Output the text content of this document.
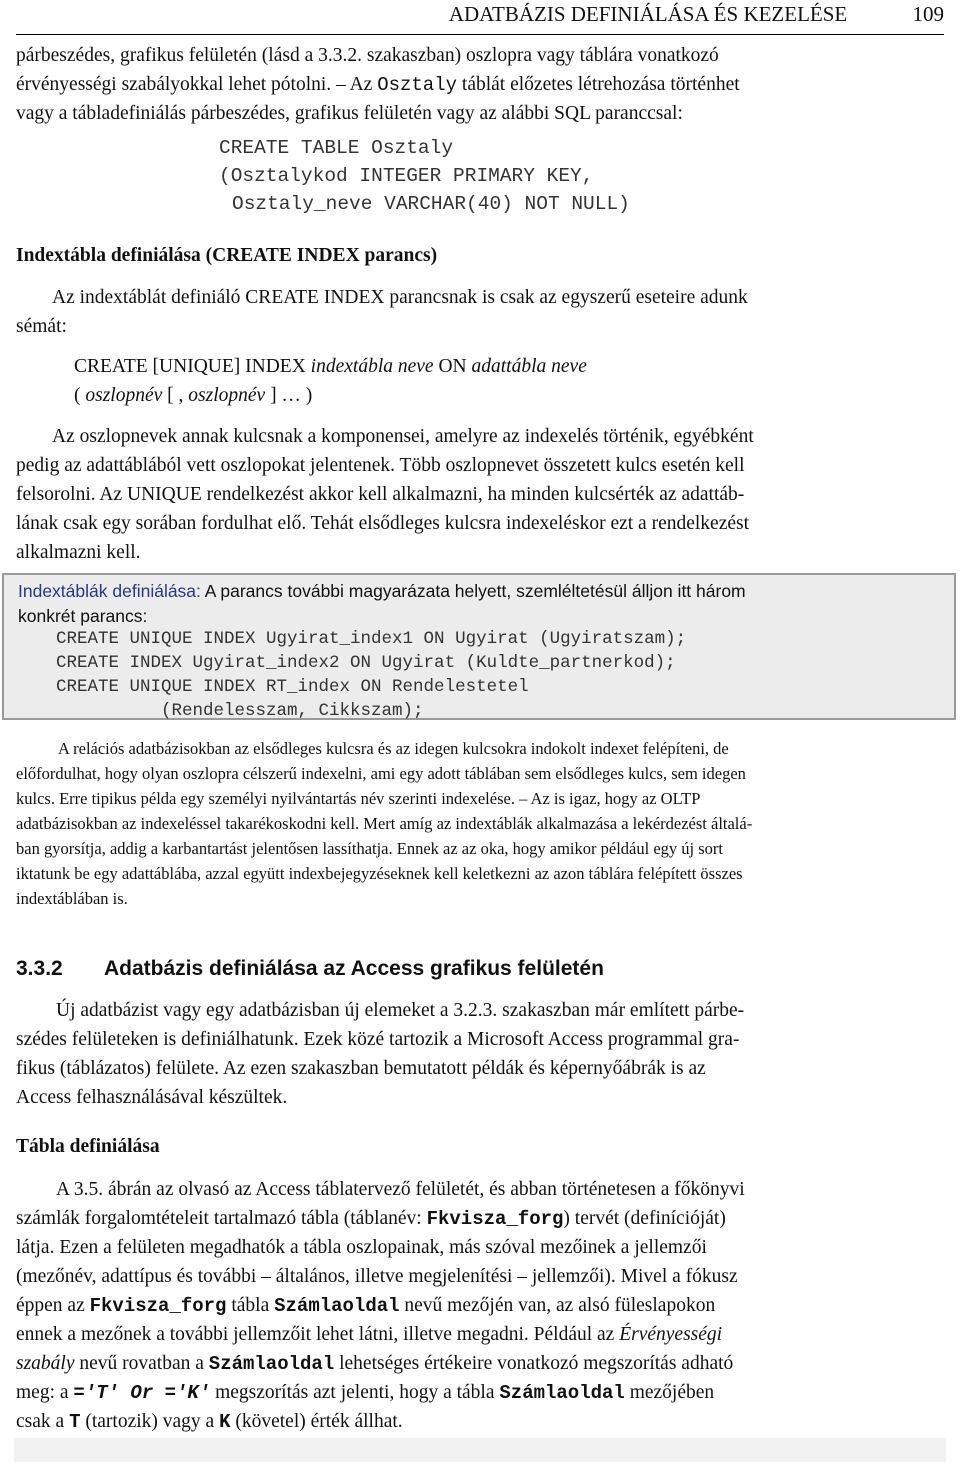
ADATBÁZIS DEFINIÁLÁSA ÉS KEZELÉSE	109
párbeszédes, grafikus felületén (lásd a 3.3.2. szakaszban) oszlopra vagy táblára vonatkozó
érvényességi szabályokkal lehet pótolni. – Az Osztaly táblát előzetes létrehozása történhet
vagy a tábladefiniálás párbeszédes, grafikus felületén vagy az alábbi SQL paranccsal:
CREATE TABLE Osztaly
(Osztalykod INTEGER PRIMARY KEY,
Osztaly_neve VARCHAR(40) NOT NULL)
Indextábla definiálása (CREATE INDEX parancs)
Az indextáblát definiáló CREATE INDEX parancsnak is csak az egyszerű eseteire adunk
sémát:
CREATE [UNIQUE] INDEX indextábla neve ON adattábla neve
( oszlopnév [ , oszlopnév ] … )
Az oszlopnevek annak kulcsnak a komponensei, amelyre az indexelés történik, egyébként
pedig az adattáblából vett oszlopokat jelentenek. Több oszlopnevet összetett kulcs esetén kell
felsorolni. Az UNIQUE rendelkezést akkor kell alkalmazni, ha minden kulcsérték az adattáb-
lának csak egy sorában fordulhat elő. Tehát elsődleges kulcsra indexeléskor ezt a rendelkezést
alkalmazni kell.
Indextáblák definiálása: A parancs további magyarázata helyett, szemléltetésül álljon itt három
konkrét parancs:
CREATE UNIQUE INDEX Ugyirat_index1 ON Ugyirat (Ugyiratszam);
CREATE INDEX Ugyirat_index2 ON Ugyirat (Kuldte_partnerkod);
CREATE UNIQUE INDEX RT_index ON Rendelestetel
(Rendelesszam, Cikkszam);
A relációs adatbázisokban az elsődleges kulcsra és az idegen kulcsokra indokolt indexet felépíteni, de
előfordulhat, hogy olyan oszlopra célszerű indexelni, ami egy adott táblában sem elsődleges kulcs, sem idegen
kulcs. Erre tipikus példa egy személyi nyilvántartás név szerinti indexelése. – Az is igaz, hogy az OLTP
adatbázisokban az indexeléssel takarékoskodni kell. Mert amíg az indextáblák alkalmazása a lekérdezést általá-
ban gyorsítja, addig a karbantartást jelentősen lassíthatja. Ennek az az oka, hogy amikor például egy új sort
iktatunk be egy adattáblába, azzal együtt indexbejegyzéseknek kell keletkezni az azon táblára felépített összes
indextáblában is.
3.3.2 Adatbázis definiálása az Access grafikus felületén
Új adatbázist vagy egy adatbázisban új elemeket a 3.2.3. szakaszban már említett párbe-
szédes felületeken is definiálhatunk. Ezek közé tartozik a Microsoft Access programmal gra-
fikus (táblázatos) felülete. Az ezen szakaszban bemutatott példák és képernyőábrák is az
Access felhasználásával készültek.
Tábla definiálása
A 3.5. ábrán az olvasó az Access táblatervező felületét, és abban történetesen a főkönyvi
számlák forgalomtételeit tartalmazó tábla (táblanév: Fkvisza_forg) tervét (definícióját)
látja. Ezen a felületen megadhatók a tábla oszlopainak, más szóval mezőinek a jellemzői
(mezőnév, adattípus és további – általános, illetve megjelenítési – jellemzői). Mivel a fókusz
éppen az Fkvisza_forg tábla Számlaoldal nevű mezőjén van, az alsó füleslapokon
ennek a mezőnek a további jellemzőit lehet látni, illetve megadni. Például az Érvényességi
szabály nevű rovatban a Számlaoldal lehetséges értékeire vonatkozó megszorítás adható
meg: a ='T' Or ='K' megszorítás azt jelenti, hogy a tábla Számlaoldal mezőjében
csak a T (tartozik) vagy a K (követel) érték állhat.
